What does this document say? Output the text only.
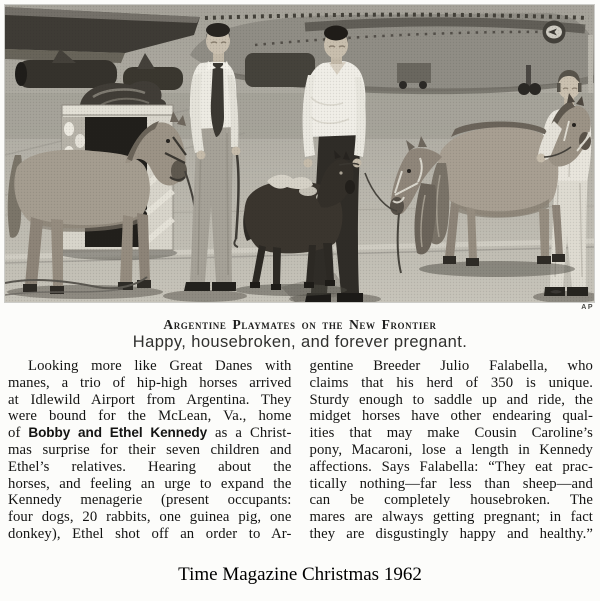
AP
Argentine Playmates on the New Frontier
Happy, housebroken, and forever pregnant.
Looking more like Great Danes with
manes, a trio of hip-high horses arrived
at Idlewild Airport from Argentina. They
were bound for the McLean, Va., home
of Bobby and Ethel Kennedy as a Christ-
mas surprise for their seven children and
Ethel’s relatives. Hearing about the
horses, and feeling an urge to expand the
Kennedy menagerie (present occupants:
four dogs, 20 rabbits, one guinea pig, one
donkey), Ethel shot off an order to Ar-
gentine Breeder Julio Falabella, who
claims that his herd of 350 is unique.
Sturdy enough to saddle up and ride, the
midget horses have other endearing qual-
ities that may make Cousin Caroline’s
pony, Macaroni, lose a length in Kennedy
affections. Says Falabella: “They eat prac-
tically nothing—far less than sheep—and
can be completely housebroken. The
mares are always getting pregnant; in fact
they are disgustingly happy and healthy.”
Time Magazine Christmas 1962
